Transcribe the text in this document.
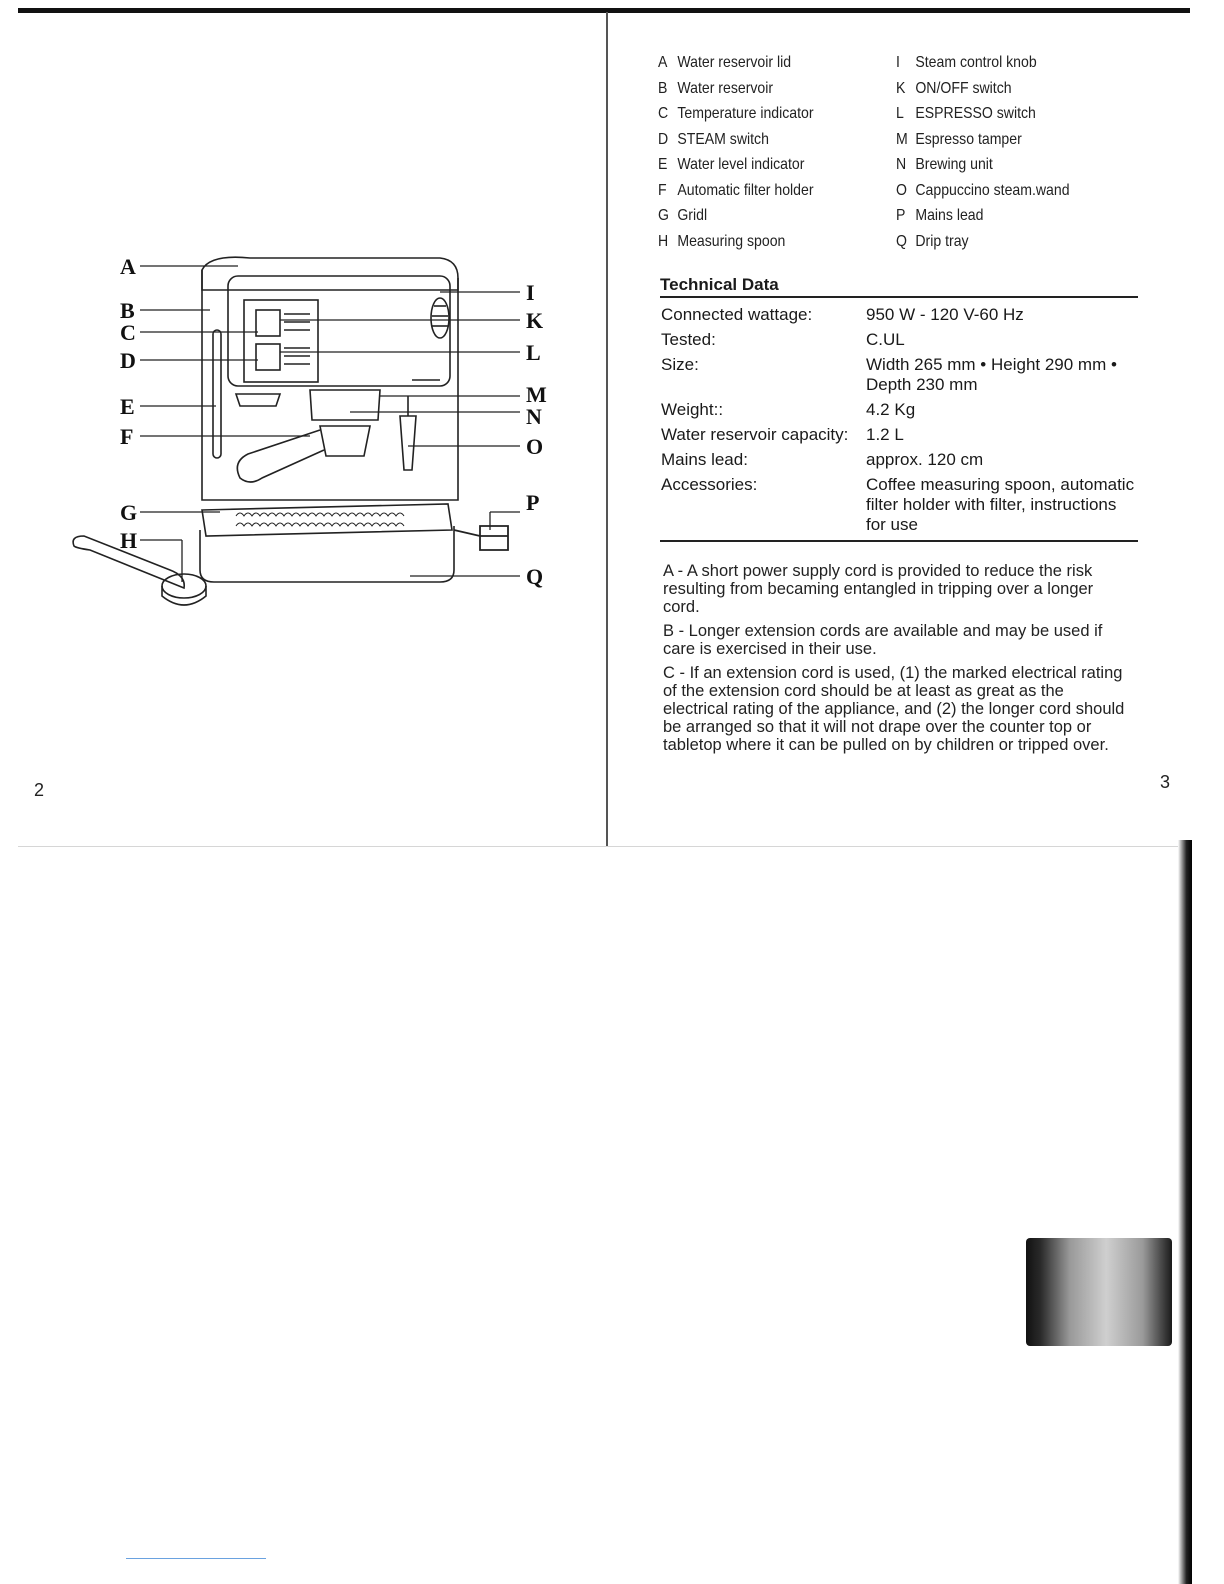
A
B
C
D
E
F
G
H
I
K
L
M
N
O
P
Q
2
A Water reservoir lid
B Water reservoir
C Temperature indicator
D STEAM switch
E Water level indicator
F Automatic filter holder
G Gridl
H Measuring spoon
I Steam control knob
K ON/OFF switch
L ESPRESSO switch
M Espresso tamper
N Brewing unit
O Cappuccino steam.wand
P Mains lead
Q Drip tray
Technical Data
Connected wattage:	950 W - 120 V-60 Hz
Tested:	C.UL
Size:	Width 265 mm • Height 290 mm • Depth 230 mm
Weight::	4.2 Kg
Water reservoir capacity:	1.2 L
Mains lead:	approx. 120 cm
Accessories:	Coffee measuring spoon, automatic filter holder with filter, instructions for use

A - A short power supply cord is provided to reduce the risk resulting from becaming entangled in tripping over a longer cord.

B - Longer extension cords are available and may be used if care is exercised in their use.

C - If an extension cord is used, (1) the marked electrical rating of the extension cord should be at least as great as the electrical rating of the appliance, and (2) the longer cord should be arranged so that it will not drape over the counter top or tabletop where it can be pulled on by children or tripped over.

3
